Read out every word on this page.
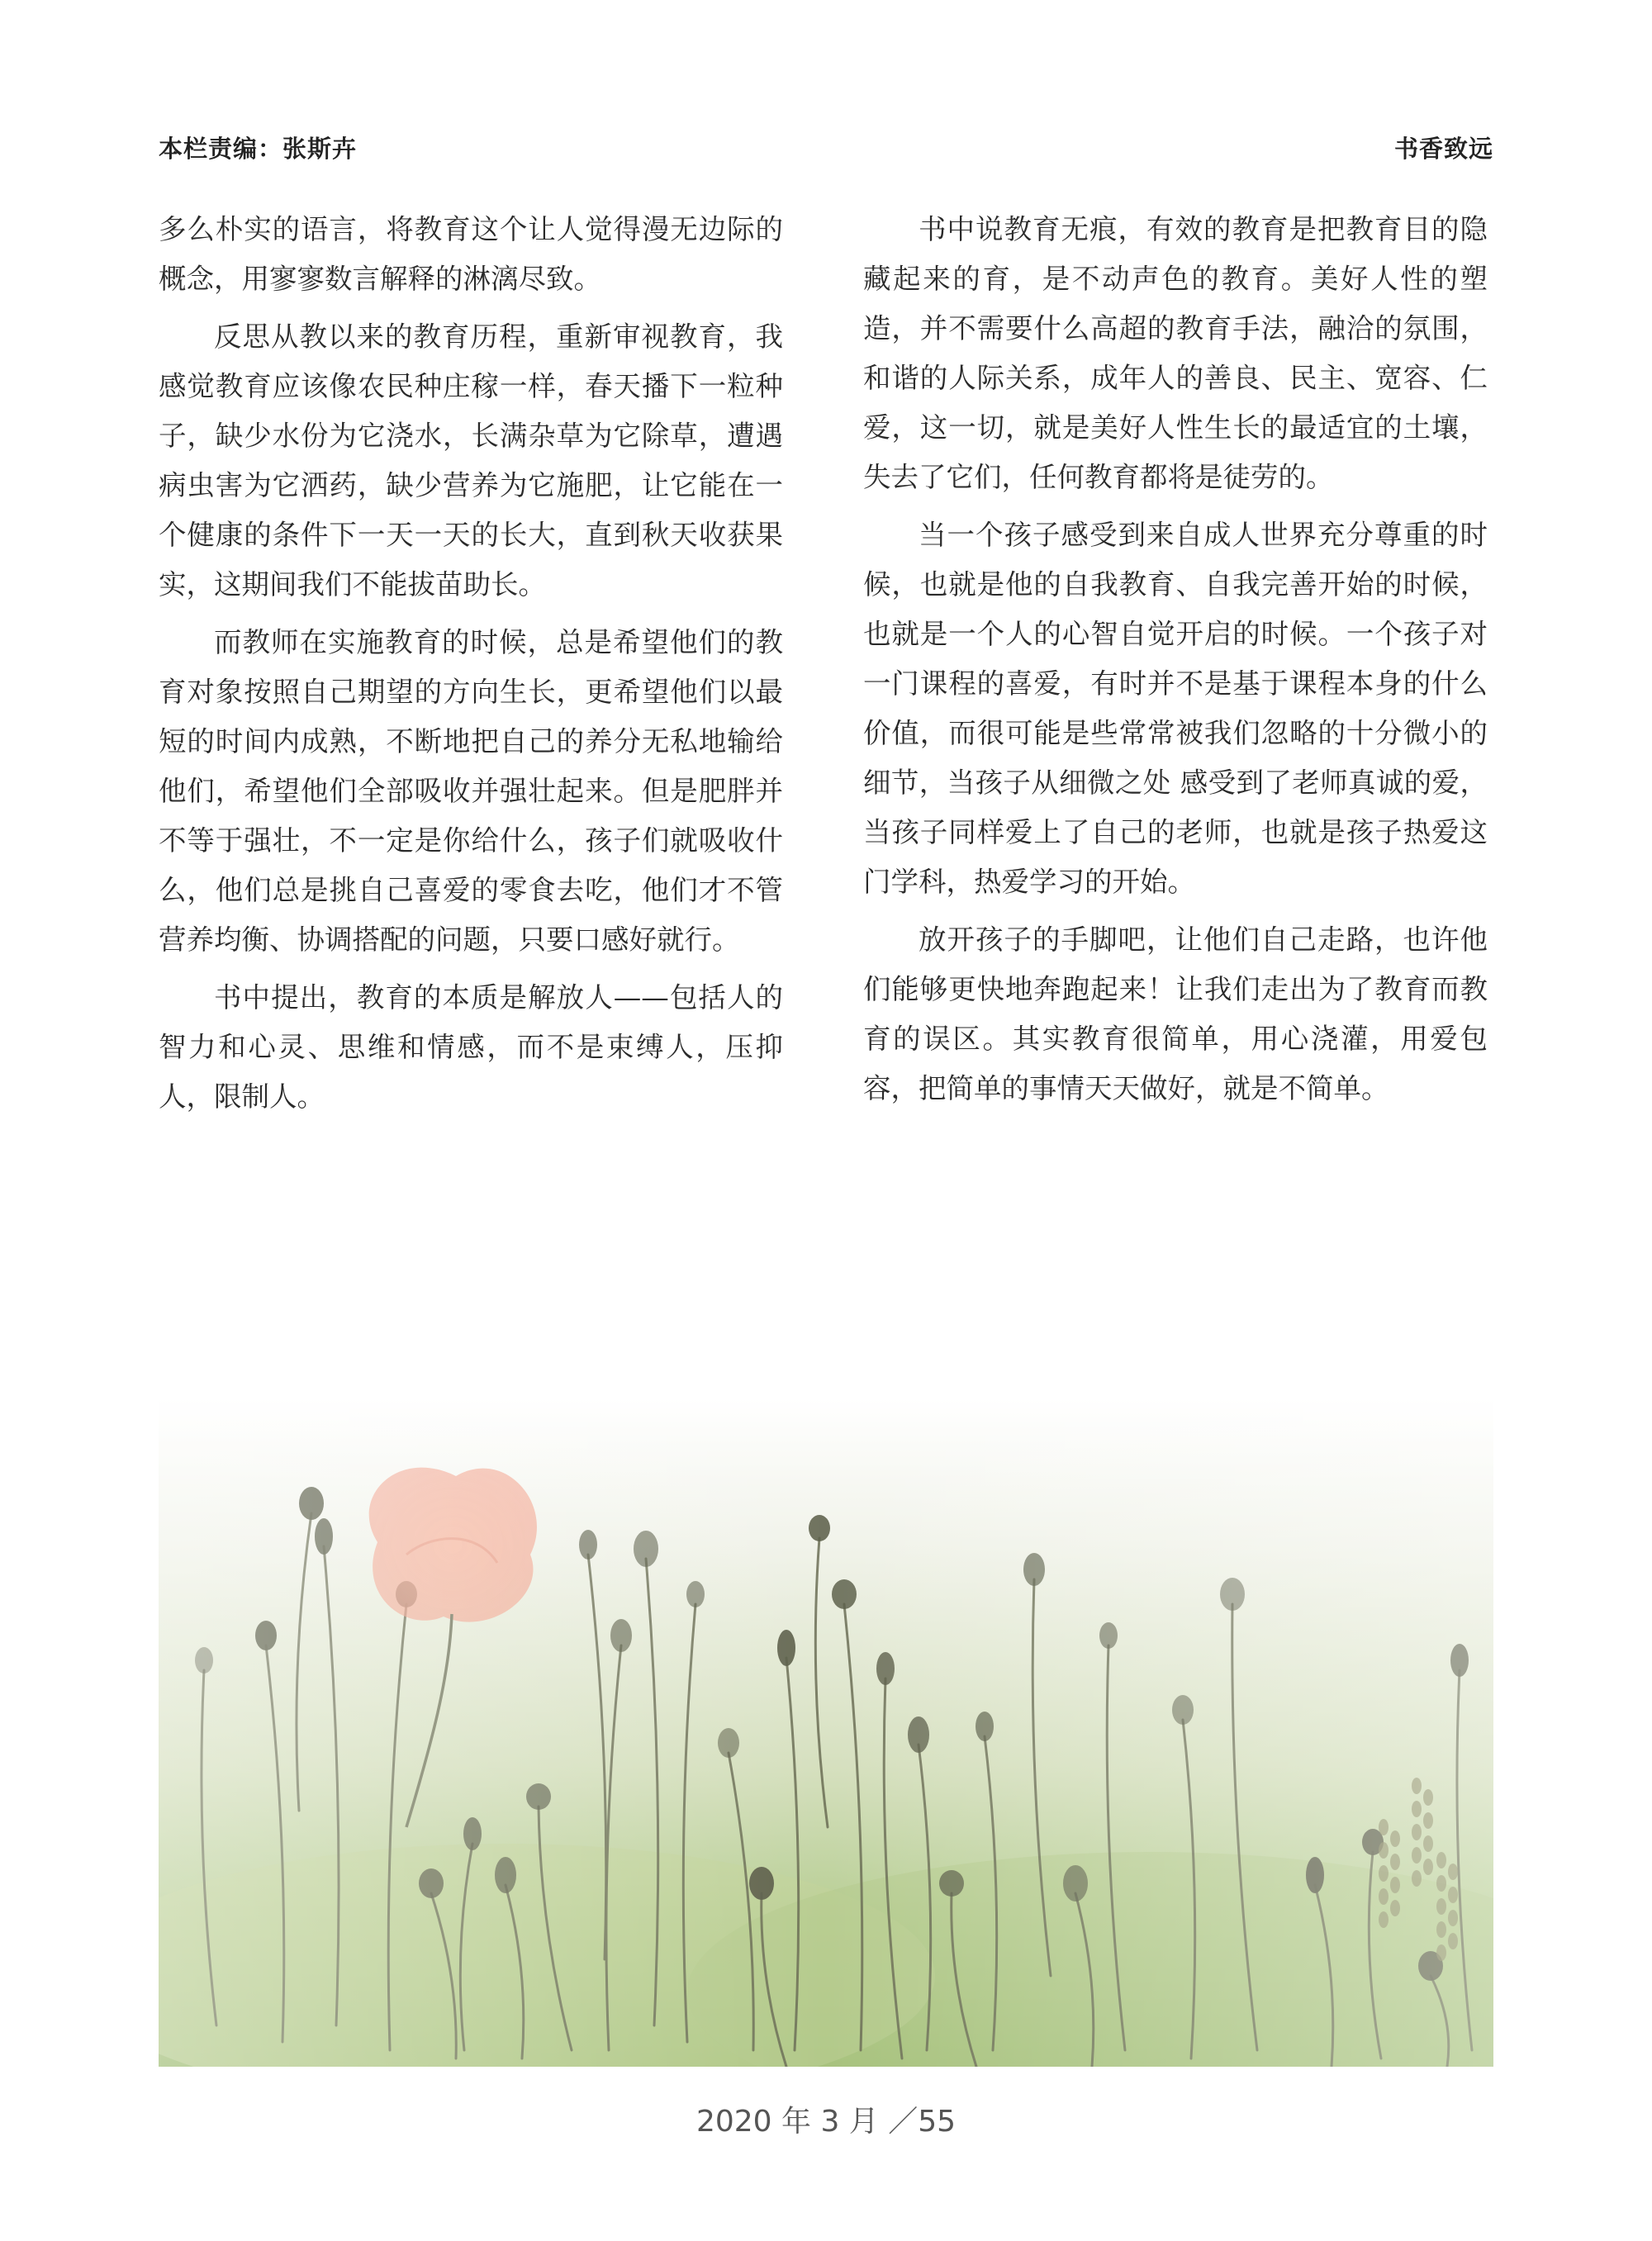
本栏责编：张斯卉	书香致远

多么朴实的语言，将教育这个让人觉得漫无边际的概念，用寥寥数言解释的淋漓尽致。

反思从教以来的教育历程，重新审视教育，我感觉教育应该像农民种庄稼一样，春天播下一粒种子，缺少水份为它浇水，长满杂草为它除草，遭遇病虫害为它洒药，缺少营养为它施肥，让它能在一个健康的条件下一天一天的长大，直到秋天收获果实，这期间我们不能拔苗助长。

而教师在实施教育的时候，总是希望他们的教育对象按照自己期望的方向生长，更希望他们以最短的时间内成熟，不断地把自己的养分无私地输给他们，希望他们全部吸收并强壮起来。但是肥胖并不等于强壮，不一定是你给什么，孩子们就吸收什么，他们总是挑自己喜爱的零食去吃，他们才不管营养均衡、协调搭配的问题，只要口感好就行。

书中提出，教育的本质是解放人——包括人的智力和心灵、思维和情感，而不是束缚人，压抑人，限制人。

书中说教育无痕，有效的教育是把教育目的隐藏起来的育，是不动声色的教育。美好人性的塑造，并不需要什么高超的教育手法，融洽的氛围，和谐的人际关系，成年人的善良、民主、宽容、仁爱，这一切，就是美好人性生长的最适宜的土壤，失去了它们，任何教育都将是徒劳的。

当一个孩子感受到来自成人世界充分尊重的时候，也就是他的自我教育、自我完善开始的时候，也就是一个人的心智自觉开启的时候。一个孩子对一门课程的喜爱，有时并不是基于课程本身的什么价值，而很可能是些常常被我们忽略的十分微小的细节，当孩子从细微之处 感受到了老师真诚的爱，当孩子同样爱上了自己的老师，也就是孩子热爱这门学科，热爱学习的开始。

放开孩子的手脚吧，让他们自己走路，也许他们能够更快地奔跑起来！让我们走出为了教育而教育的误区。其实教育很简单，用心浇灌，用爱包容，把简单的事情天天做好，就是不简单。

2020 年 3 月 ／55
